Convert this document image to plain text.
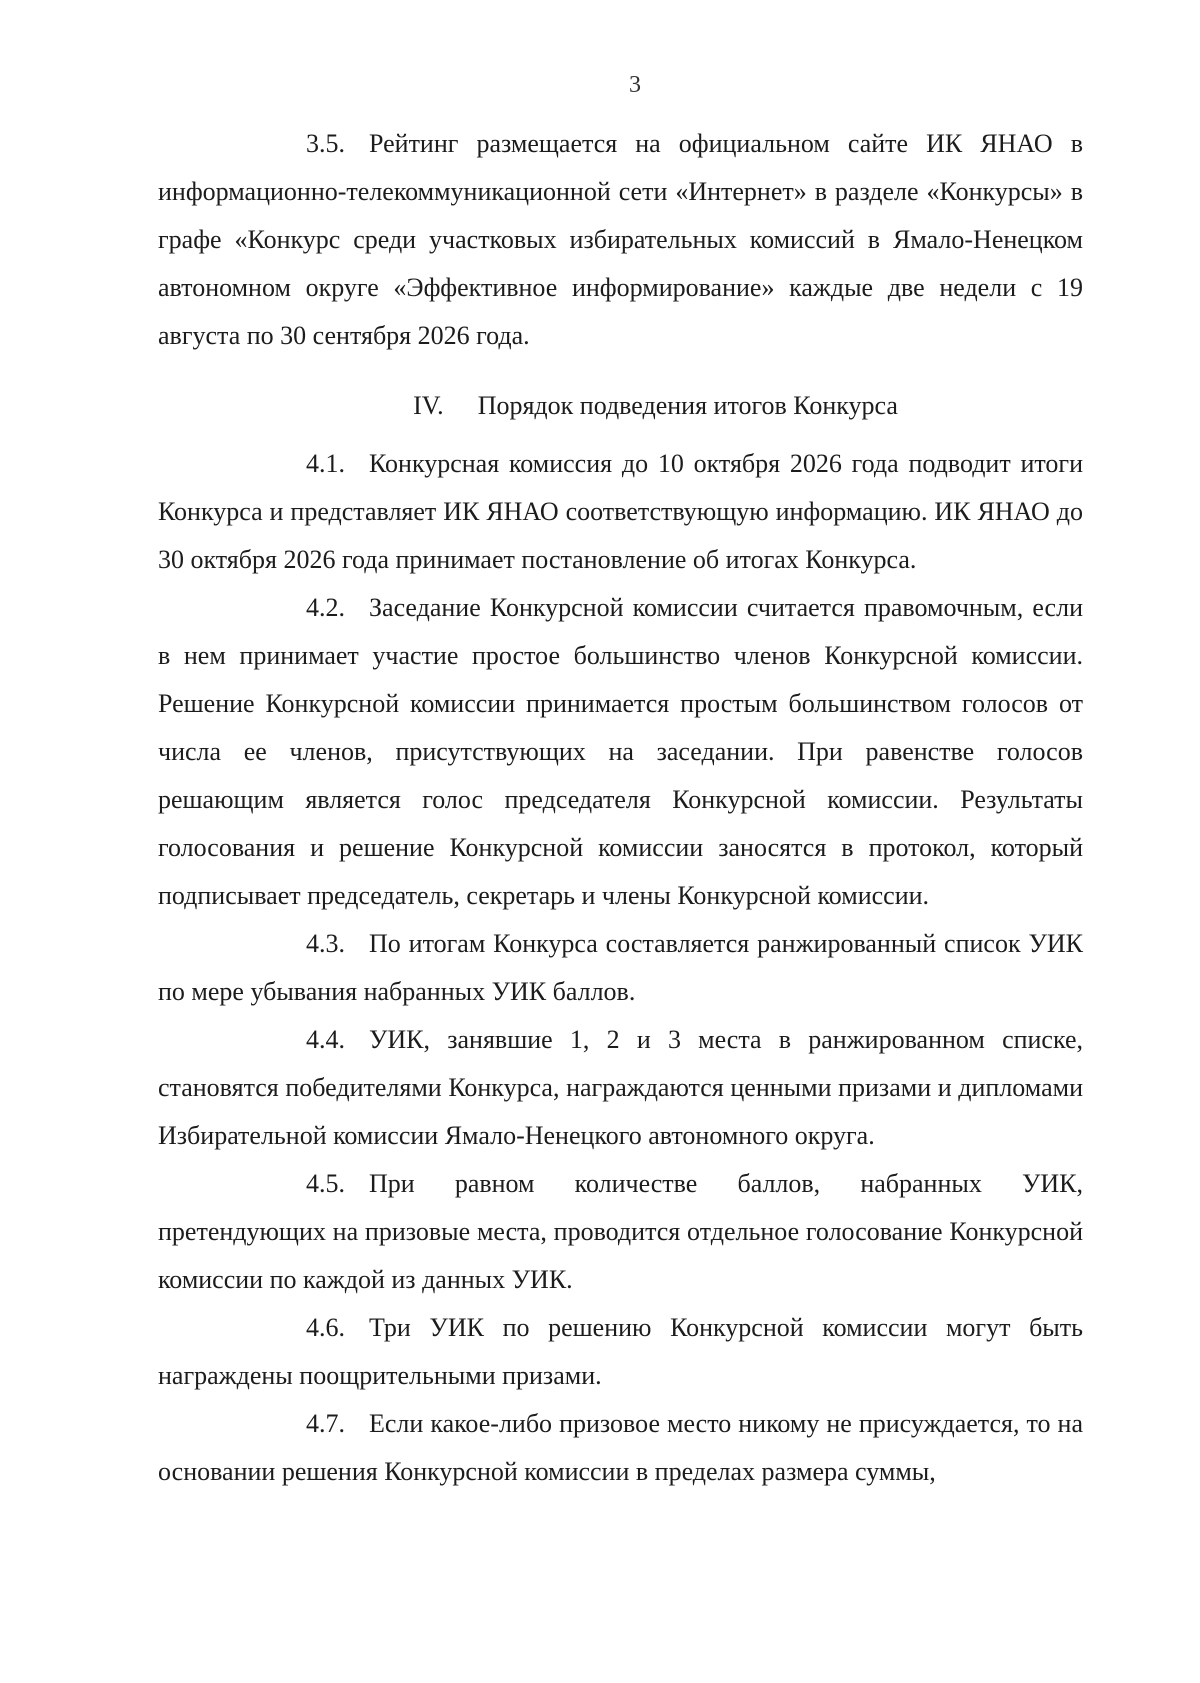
3

3.5. Рейтинг размещается на официальном сайте ИК ЯНАО в информационно-телекоммуникационной сети «Интернет» в разделе «Конкурсы» в графе «Конкурс среди участковых избирательных комиссий в Ямало-Ненецком автономном округе «Эффективное информирование» каждые две недели с 19 августа по 30 сентября 2026 года.

IV. Порядок подведения итогов Конкурса

4.1. Конкурсная комиссия до 10 октября 2026 года подводит итоги Конкурса и представляет ИК ЯНАО соответствующую информацию. ИК ЯНАО до 30 октября 2026 года принимает постановление об итогах Конкурса.

4.2. Заседание Конкурсной комиссии считается правомочным, если в нем принимает участие простое большинство членов Конкурсной комиссии. Решение Конкурсной комиссии принимается простым большинством голосов от числа ее членов, присутствующих на заседании. При равенстве голосов решающим является голос председателя Конкурсной комиссии. Результаты голосования и решение Конкурсной комиссии заносятся в протокол, который подписывает председатель, секретарь и члены Конкурсной комиссии.

4.3. По итогам Конкурса составляется ранжированный список УИК по мере убывания набранных УИК баллов.

4.4. УИК, занявшие 1, 2 и 3 места в ранжированном списке, становятся победителями Конкурса, награждаются ценными призами и дипломами Избирательной комиссии Ямало-Ненецкого автономного округа.

4.5. При равном количестве баллов, набранных УИК, претендующих на призовые места, проводится отдельное голосование Конкурсной комиссии по каждой из данных УИК.

4.6. Три УИК по решению Конкурсной комиссии могут быть награждены поощрительными призами.

4.7. Если какое-либо призовое место никому не присуждается, то на основании решения Конкурсной комиссии в пределах размера суммы,
